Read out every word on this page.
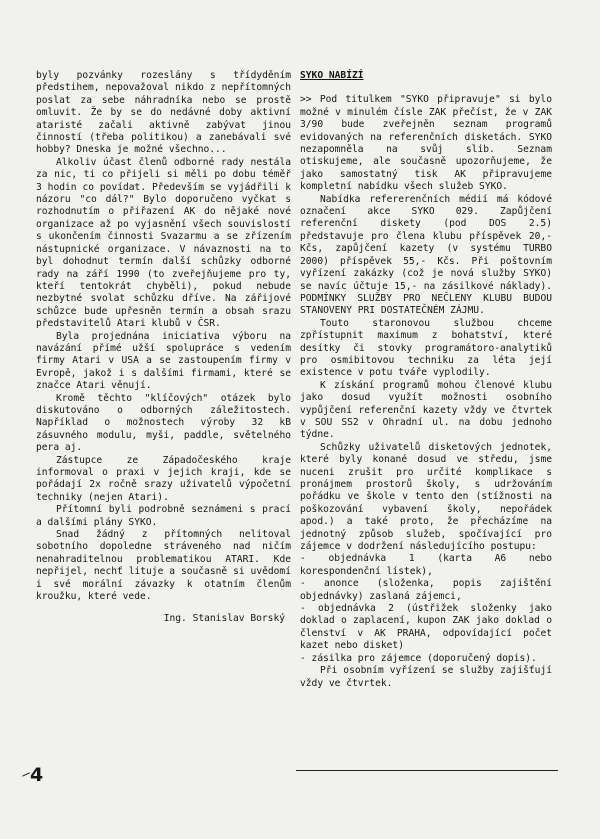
byly pozvánky rozeslány s třídyděním předstihem, nepovažoval nikdo z nepřítomných poslat za sebe náhradníka nebo se prostě omluvit. Že by se do nedávné doby aktivní ataristé začali aktivně zabývat jinou činností (třeba politikou) a zanebávali své hobby? Dneska je možné všechno...

Alkoliv účast členů odborné rady nestála za nic, ti co přijeli si měli po dobu téměř 3 hodin co povídat. Především se vyjádřili k názoru "co dál?" Bylo doporučeno vyčkat s rozhodnutím o přiřazení AK do nějaké nové organizace až po vyjasnění všech souvislostí s ukončením činnosti Svazarmu a se zřízením nástupnické organizace. V návaznosti na to byl dohodnut termín další schůzky odborné rady na září 1990 (to zveřejňujeme pro ty, kteří tentokrát chyběli), pokud nebude nezbytné svolat schůzku dříve. Na zářijové schůzce bude upřesněn termín a obsah srazu představitelů Atari klubů v ČSR.

Byla projednána iniciativa výboru na navázání přímé užší spolupráce s vedením firmy Atari v USA a se zastoupením firmy v Evropě, jakož i s dalšími firmami, které se značce Atari věnují.

Kromě těchto "klíčových" otázek bylo diskutováno o odborných záležitostech. Například o možnostech výroby 32 kB zásuvného modulu, myši, paddle, světelného pera aj.

Zástupce ze Západočeského kraje informoval o praxi v jejich kraji, kde se pořádají 2x ročně srazy uživatelů výpočetní techniky (nejen Atari).

Přítomní byli podrobně seznámeni s prací a dalšími plány SYKO.

Snad žádný z přítomných nelitoval sobotního dopoledne stráveného nad ničím nenahraditelnou problematikou ATARI. Kde nepřijel, nechť lituje a současně si uvědomí i své morální závazky k otatním členům kroužku, které vede.

Ing. Stanislav Borský

SYKO NABÍZÍ

>> Pod titulkem "SYKO připravuje" si bylo možné v minulém čísle ZAK přečíst, že v ZAK 3/90 bude zveřejněn seznam programů evidovaných na referenčních disketách. SYKO nezapomněla na svůj slib. Seznam otiskujeme, ale současně upozorňujeme, že jako samostatný tisk AK připravujeme kompletní nabídku všech služeb SYKO.

Nabídka refererenčních médií má kódové označení akce SYKO 029. Zapůjčení referenční diskety (pod DOS 2.5) představuje pro člena klubu příspěvek 20,- Kčs, zapůjčení kazety (v systému TURBO 2000) příspěvek 55,- Kčs. Při poštovním vyřízení zakázky (což je nová služby SYKO) se navíc účtuje 15,- na zásilkové náklady). PODMÍNKY SLUŽBY PRO NEČLENY KLUBU BUDOU STANOVENY PRI DOSTATEČNÉM ZÁJMU.

Touto staronovou službou chceme zpřístupnit maximum z bohatství, které desítky či stovky programátoro-analytiků pro osmibitovou techniku za léta její existence v potu tváře vyplodily.

K získání programů mohou členové klubu jako dosud využít možnosti osobního vypůjčení referenční kazety vždy ve čtvrtek v SOU SS2 v Ohradní ul. na dobu jednoho týdne.

Schůzky uživatelů disketových jednotek, které byly konané dosud ve středu, jsme nuceni zrušit pro určité komplikace s pronájmem prostorů školy, s udržováním pořádku ve škole v tento den (stížnosti na poškozování vybavení školy, nepořádek apod.) a také proto, že přecházíme na jednotný způsob služeb, spočívající pro zájemce v dodržení následujícího postupu:

- objednávka 1 (karta A6 nebo korespondenční lístek),

- anonce (složenka, popis zajištění objednávky) zaslaná zájemci,

- objednávka 2 (ústřižek složenky jako doklad o zaplacení, kupon ZAK jako doklad o členství v AK PRAHA, odpovídající počet kazet nebo disket)

- zásilka pro zájemce (doporučený dopis).

Při osobním vyřízení se služby zajišťují vždy ve čtvrtek.

4
